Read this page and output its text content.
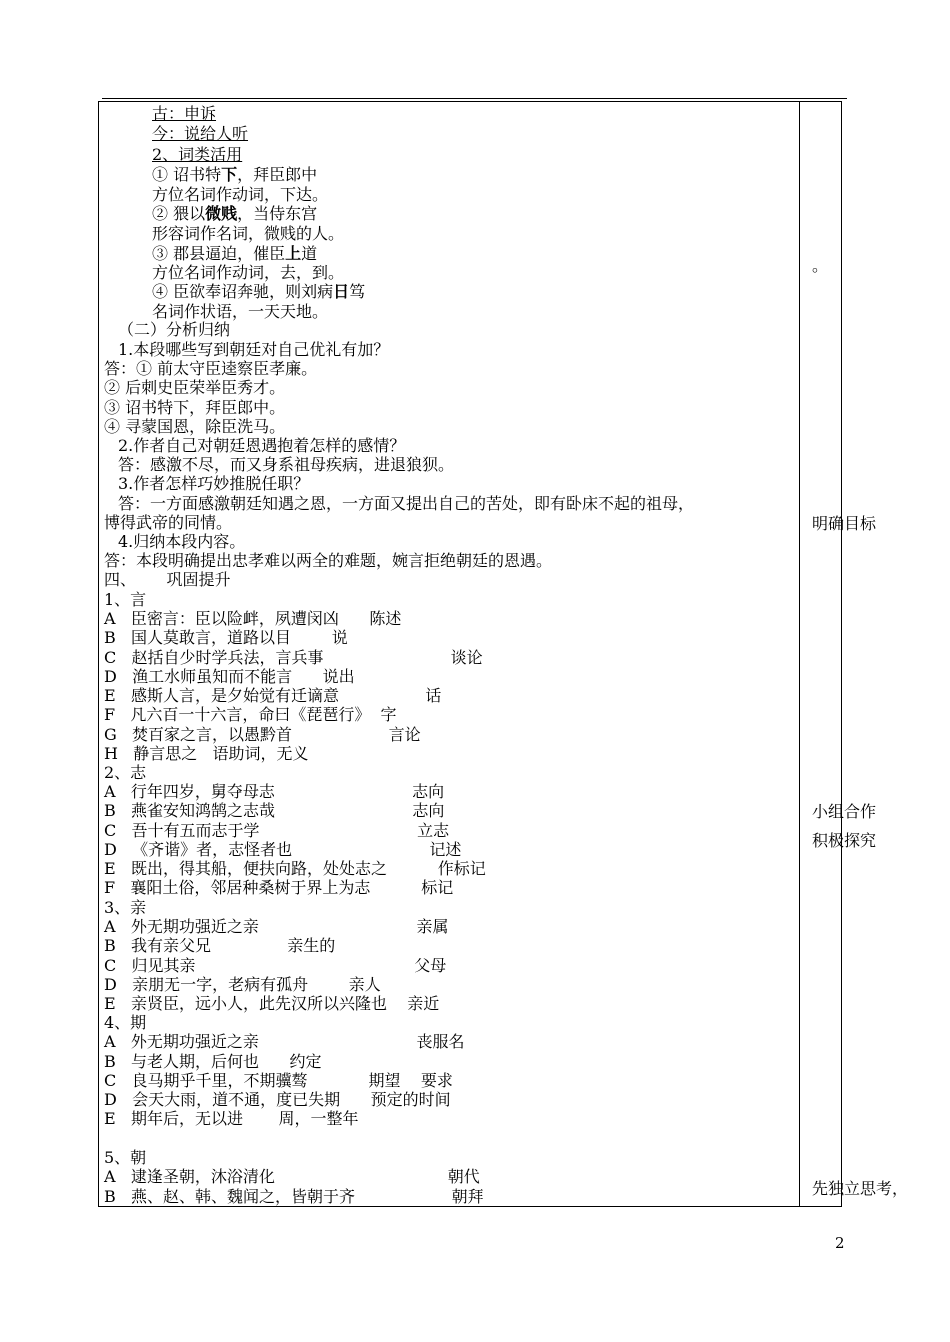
古：申诉
今：说给人听
2、词类活用
① 诏书特下，拜臣郎中
方位名词作动词，下达。
② 猥以微贱，当侍东宫
形容词作名词，微贱的人。
③ 郡县逼迫，催臣上道
方位名词作动词，去，到。
④ 臣欲奉诏奔驰，则刘病日笃
名词作状语，一天天地。
（二）分析归纳
1.本段哪些写到朝廷对自己优礼有加？
答：① 前太守臣逵察臣孝廉。
② 后刺史臣荣举臣秀才。
③ 诏书特下，拜臣郎中。
④ 寻蒙国恩，除臣洗马。
2.作者自己对朝廷恩遇抱着怎样的感情？
答：感激不尽，而又身系祖母疾病，进退狼狈。
3.作者怎样巧妙推脱任职？
答：一方面感激朝廷知遇之恩，一方面又提出自己的苦处，即有卧床不起的祖母，
博得武帝的同情。
4.归纳本段内容。
答：本段明确提出忠孝难以两全的难题，婉言拒绝朝廷的恩遇。
四、      巩固提升
1、言
A   臣密言：臣以险衅，夙遭闵凶      陈述
B   国人莫敢言，道路以目        说
C   赵括自少时学兵法，言兵事                         谈论
D   渔工水师虽知而不能言      说出
E   感斯人言，是夕始觉有迁谪意                 话
F   凡六百一十六言，命曰《琵琶行》  字
G   焚百家之言，以愚黔首                   言论
H   静言思之   语助词，无义
2、志
A   行年四岁，舅夺母志                           志向
B   燕雀安知鸿鹄之志哉                           志向
C   吾十有五而志于学                               立志
D   《齐谐》者，志怪者也                           记述
E   既出，得其船，便扶向路，处处志之          作标记
F   襄阳土俗，邻居种桑树于界上为志          标记
3、亲
A   外无期功强近之亲                               亲属
B   我有亲父兄               亲生的
C   归见其亲                                           父母
D   亲朋无一字，老病有孤舟        亲人
E   亲贤臣，远小人，此先汉所以兴隆也    亲近
4、期
A   外无期功强近之亲                               丧服名
B   与老人期，后何也      约定
C   良马期乎千里，不期骥骜            期望    要求
D   会天大雨，道不通，度已失期      预定的时间
E   期年后，无以进       周，一整年
5、朝
A   逮逢圣朝，沐浴清化                                  朝代
B   燕、赵、韩、魏闻之，皆朝于齐                   朝拜
。
明确目标
小组合作
积极探究
先独立思考，
2
